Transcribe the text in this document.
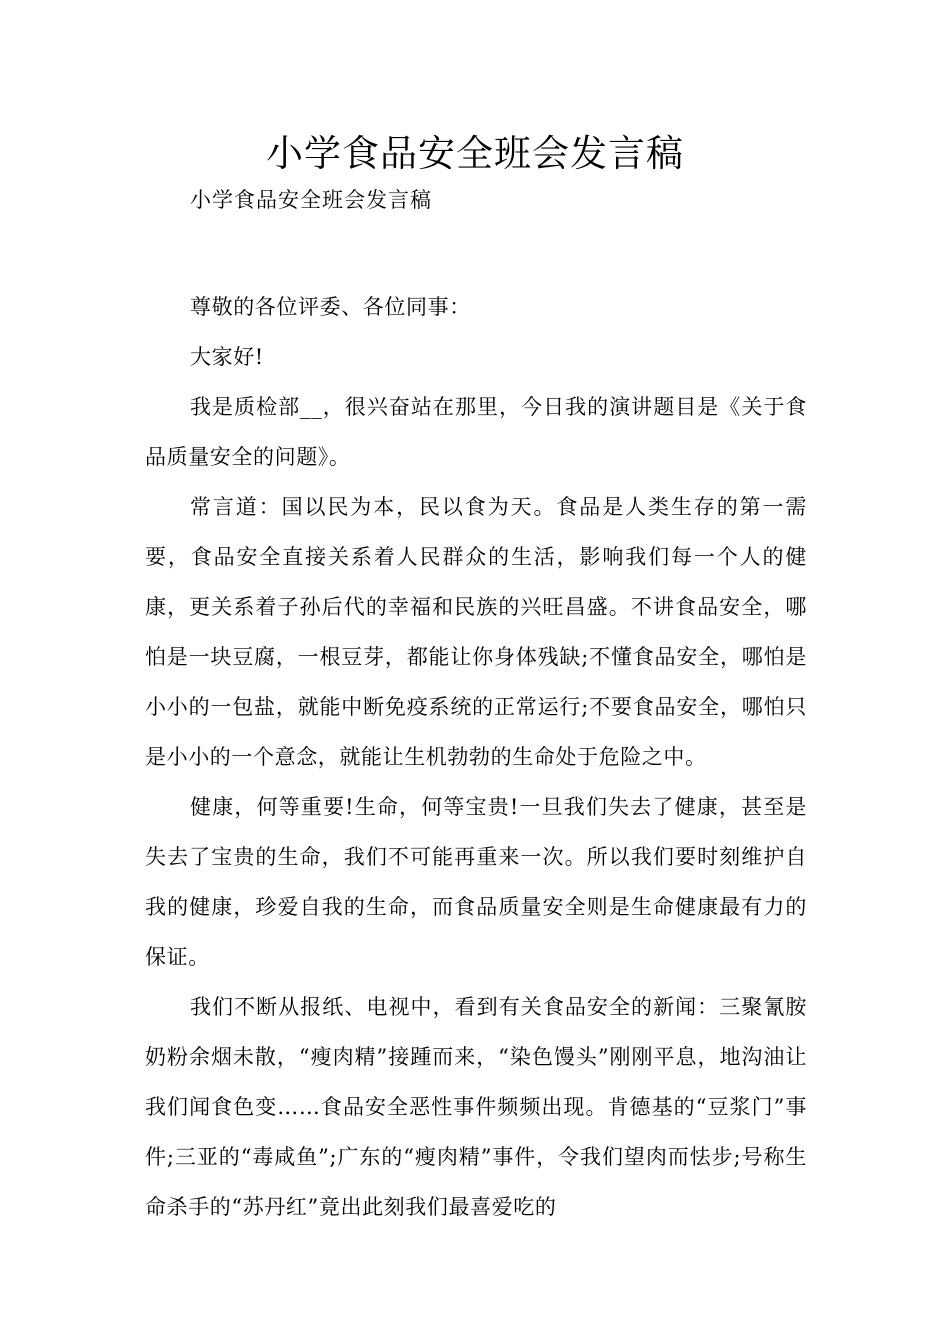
小学食品安全班会发言稿
小学食品安全班会发言稿

尊敬的各位评委、各位同事：

大家好!

我是质检部__，很兴奋站在那里，今日我的演讲题目是《关于食品质量安全的问题》。

常言道：国以民为本，民以食为天。食品是人类生存的第一需要，食品安全直接关系着人民群众的生活，影响我们每一个人的健康，更关系着子孙后代的幸福和民族的兴旺昌盛。不讲食品安全，哪怕是一块豆腐，一根豆芽，都能让你身体残缺;不懂食品安全，哪怕是小小的一包盐，就能中断免疫系统的正常运行;不要食品安全，哪怕只是小小的一个意念，就能让生机勃勃的生命处于危险之中。

健康，何等重要!生命，何等宝贵!一旦我们失去了健康，甚至是失去了宝贵的生命，我们不可能再重来一次。所以我们要时刻维护自我的健康，珍爱自我的生命，而食品质量安全则是生命健康最有力的保证。

我们不断从报纸、电视中，看到有关食品安全的新闻：三聚氰胺奶粉余烟未散，“瘦肉精”接踵而来，“染色馒头”刚刚平息，地沟油让我们闻食色变……食品安全恶性事件频频出现。肯德基的“豆浆门”事件;三亚的“毒咸鱼”;广东的“瘦肉精”事件，令我们望肉而怯步;号称生命杀手的“苏丹红”竟出此刻我们最喜爱吃的
